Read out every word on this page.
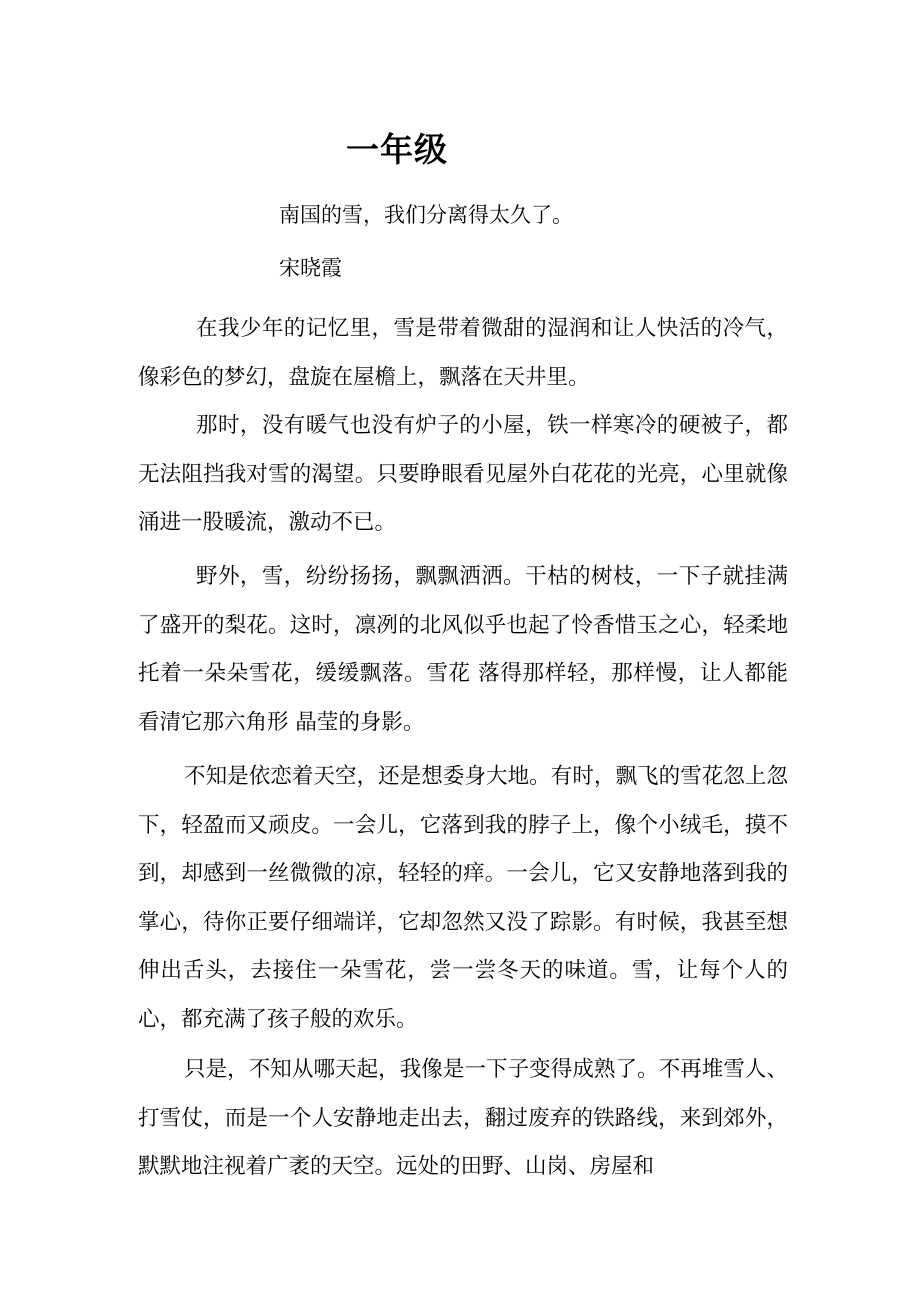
一年级
南国的雪，我们分离得太久了。
宋晓霞

在我少年的记忆里，雪是带着微甜的湿润和让人快活的冷气，像彩色的梦幻，盘旋在屋檐上，飘落在天井里。

那时，没有暖气也没有炉子的小屋，铁一样寒冷的硬被子，都无法阻挡我对雪的渴望。只要睁眼看见屋外白花花的光亮，心里就像涌进一股暖流，激动不已。

野外，雪，纷纷扬扬，飘飘洒洒。干枯的树枝，一下子就挂满了盛开的梨花。这时，凛冽的北风似乎也起了怜香惜玉之心，轻柔地托着一朵朵雪花，缓缓飘落。雪花 落得那样轻，那样慢，让人都能看清它那六角形 晶莹的身影。

不知是依恋着天空，还是想委身大地。有时，飘飞的雪花忽上忽下，轻盈而又顽皮。一会儿，它落到我的脖子上，像个小绒毛，摸不到，却感到一丝微微的凉，轻轻的痒。一会儿，它又安静地落到我的掌心，待你正要仔细端详，它却忽然又没了踪影。有时候，我甚至想伸出舌头，去接住一朵雪花，尝一尝冬天的味道。雪，让每个人的心，都充满了孩子般的欢乐。

只是，不知从哪天起，我像是一下子变得成熟了。不再堆雪人、打雪仗，而是一个人安静地走出去，翻过废弃的铁路线，来到郊外，默默地注视着广袤的天空。远处的田野、山岗、房屋和
